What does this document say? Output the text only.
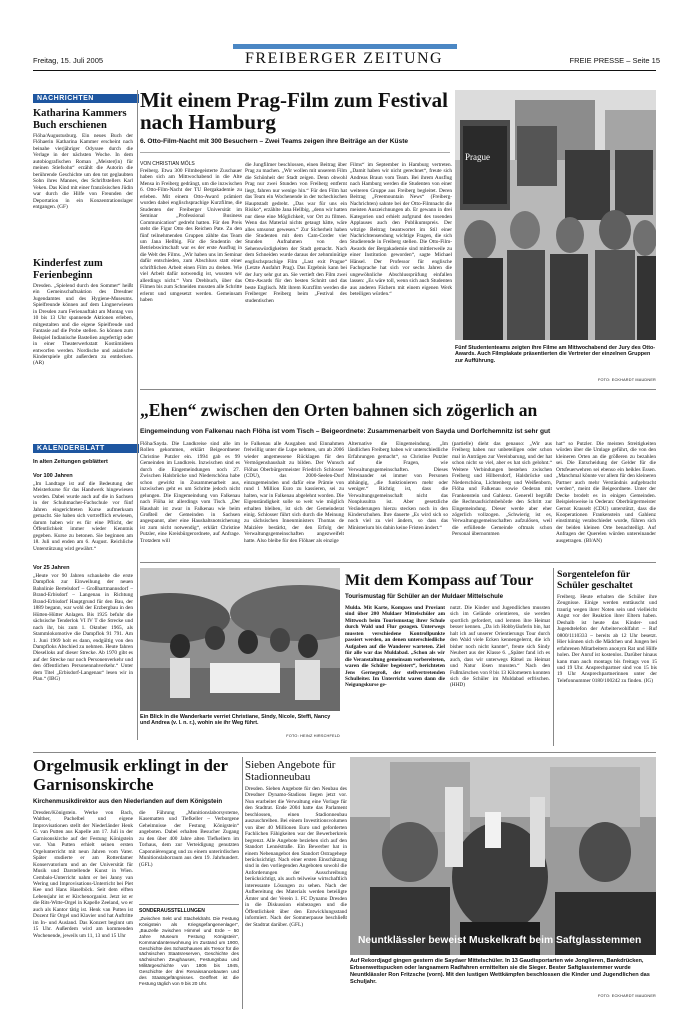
Freitag, 15. Juli 2005	FREIBERGER ZEITUNG	FREIE PRESSE – Seite 15
NACHRICHTEN
Katharina Kammers Buch erschienen
Flöha/Augustusburg. Ein neues Buch der Flöhaerin Katharina Kammer erscheint nach beinahe vierjähriger Odyssee durch die Verlage in der nächsten Woche. In dem autobiografischen Roman „Meister(in) für meinen Stiefsohn“ erzählt die Autorin die berührende Geschichte um den tot geglaubten Sohn ihres Mannes, des Schriftstellers Karl Veken. Das Kind mit einer französischen Jüdin war durch die Hilfe von Freunden der Deportation in ein Konzentrationslager entgangen. (GF)
Kinderfest zum Ferienbeginn
Dresden. „Spielend durch den Sommer“ heißt ein Gemeinschaftsaktion des Dresdner Jugendamtes und des Hygiene-Museums. Spielfreunde können auf dem Lingnerwiesen in Dresden zum Ferienauftakt am Montag von 10 bis 13 Uhr spannende Aktionen erleben, mitgestalten und die eigene Spielfreude und Fantasie auf die Probe stellen. So können zum Beispiel Indianische Bastelien angefertigt oder in einer Theaterwerkstatt Kostümideen entworfen werden. Nordische und asiatische Kinderspiele gibt außerdem zu entdecken. (AR)
KALENDERBLATT
In alten Zeitungen geblättert
Vor 100 Jahren
„Im Landtage ist auf die Bedeutung der Meisterkurse für das Handwerk hingewiesen worden. Dabei wurde auch auf die in Sachsen in der Schuhmacher-Fachschule vor fünf Jahren eingerichteten Kurse aufmerksam gemacht. Sie haben sich vortrefflich erwiesen, darum haben wir es für eine Pflicht, der Öffentlichkeit immer wieder Kenntnis gegeben. Kurse zu betonen. Sie beginnen am 18. Juli und enden am 6. August. Reichliche Unterstützung wird gewährt.“
Vor 25 Jahren
„Heute vor 90 Jahren schaukelte die erste Dampflok zur Einweihung der neuen Bahnlinie Bertelsdorf – Großhartmannsdorf – Brand-Erbisdorf – Langenau in Richtung Brand-Erbisdorf Hauptgrund für den Bau, der 1889 begann, war wohl der Erzbergbau in den Hütten-Hütter Anlagen. Bis 1925 befuhr die sächsische Tenderlok VI IV T die Strecke und nach ihr, bis zum 1. Oktober 1965, als Stammlokomotive die Dampflok 91 791. Am 1. Juni 1969 holt es dann, endgültig von den Dampfloks Abschied zu nehmen. Heute fahren Dieselloks auf dieser Strecke. Ab 1970 gibt es auf der Strecke nur noch Personenverkehr und den öffentlichen Personennahverkehr.“ Unter dem Titel „Erbisdorf-Langenau“ lesen wir in Plan.“ (IBG)
Mit einem Prag-Film zum Festival nach Hamburg
6. Otto-Film-Nacht mit 300 Besuchern – Zwei Teams zeigen ihre Beiträge an der Küste
VON CHRISTIAN MÖLS
Freiberg. Etwa 300 Filmbegeisterte Zuschauer haben sich am Mittwochabend in die Alte Mensa in Freiberg gedrängt, um die inzwischen 6. Otto-Film-Nacht der TU Bergakademie zu erleben. Mit einem Otto-Award prämiert wurden dabei englischsprachige Kurzfilme, die Studenten der Freiberger Universität im Seminar „Professional Business Communication“ gedreht hatten. Für den Preis steht die Figur Otto des Reichen Pate. Zu den fünf teilnehmenden Gruppen zählte das Team um Jana Hellbig. Für die Studentin der Betriebswirtschaft war es der erste Ausflug in die Welt des Films. „Wir haben uns im Seminar dafür entschieden, zum Abschluss statt einer schriftlichen Arbeit einen Film zu drehen. Wie viel Arbeit dafür notwendig ist, wussten wir allerdings nicht.“ Vom Drehbuch, über das Filmen bis zum Schneiden mussten alle Schritte erlernt und umgesetzt werden. Gemeinsam haben
die Jungfilmer beschlossen, einen Beitrag über Prag zu machen. „Wir wollen mit unserem Film die Schönheit der Stadt zeigen. Denn obwohl Prag nur zwei Stunden von Freiberg entfernt liegt, fahren nur wenige hin.“ Für den Film hat das Team ein Wochenende in der tschechischen Hauptstadt gedreht. „Das war für uns ein Risiko“, erzählte Jana Hellbig, „denn wir hatten nur diese eine Möglichkeit, vor Ort zu filmen. Wenn das Material nichts getaugt hätte, wäre alles umsonst gewesen.“ Zur Sicherheit haben die Studenten mit dem Cam-Corder vier Stunden Aufnahmen von den Sehenswürdigkeiten der Stadt gemacht. Nach dem Schneiden wurde daraus der zehnminütige englischsprachige Film „Last exit Prague“ (Letzte Ausfahrt Prag). Das Ergebnis kann bei der Jury sehr gut an. Sie vertieft den Film zwei Otto-Awards für den besten Schnitt und das beste Englisch. Mit ihrem Kurzfilm werden die Freiberger Freiberg beim „Festival des studentischen
Films“ im September in Hamburg vertreten. „Damit haben wir nicht gerechnet“, freute sich Andreas Braun vom Team. Bei ihrem Ausflug nach Hamburg werden die Studenten von einer weiteren Gruppe aus Freiberg begleitet. Deren Beitrag „Freemountain News“ (Freiberg-Nachrichten) sahnte bei der Otto-Filmnacht die meisten Auszeichnungen ab. Er gewann in drei Kategorien und erhielt aufgrund des tosenden Applauses auch den Publikumspreis. Der witzige Beitrag beantwortet im Stil einer Nachrichtensendung wichtige Fragen, die sich Studierende in Freiberg stellen. Die Otto-Film-Awards der Bergakademie sind mittlerweile zu einer Institution geworden“, sagte Michael Hänsel. Der Professor für englische Fachsprache hat sich vor sechs Jahren die ungewöhnliche Abschlussprüfung einfallen lassen: „Es wäre toll, wenn sich auch Studenten aus anderen Fächern mit einem eigenen Werk beteiligen würden.“
Prague
Fünf Studententeams zeigten ihre Filme am Mittwochabend der Jury des Otto-Awards. Auch Filmplakate präsentierten die Vertreter der einzelnen Gruppen zur Aufführung.
FOTO: ECKHARDT MAUDNER
„Ehen“ zwischen den Orten bahnen sich zögerlich an
Eingemeindung von Falkenau nach Flöha ist vom Tisch – Beigeordnete: Zusammenarbeit von Sayda und Dorfchemnitz ist sehr gut
Flöha/Sayda. Die Landkreise sind alle im Rollen gekommen, erklärt Beigeordneter Christine Putzler ein. 1994 gab es 99 Gemeinden im Landkreis. Inzwischen sind es durch die Eingemeindungen noch 27. Zwischen Halsbrücke und Niederschöna habe schon gewirkt in Zusammenarbeit aus, inzwischen geht es um Schritte jedoch nicht gelungen. Die Eingemeindung von Falkenau nach Flöha ist allerdings vom Tisch. „Der Haushalt ist zwar in Falkenau wie beim Großteil der Gemeinden in Sachsen angespannt, aber eine Haushaltsnotsicherung ist zum nicht notwendig“, erklärt Christine Putzler, eine Kreisbürgerordnete, auf Anfrage. Trotzdem will
le Falkenau alle Ausgaben und Einnahmen freiwillig unter die Lupe nehmen, um ab 2006 wieder angemessene Rücklagen für den Vermögenshaushalt zu bilden. Der Wunsch Flöhas Oberbürgermeister Friedrich Schlosser (CDU), das 2000-Seelen-Dorf einzugemeinden und dafür eine Prämie von rund 1 Million Euro zu kassieren, sei zu halten, war in Falkenau abgelehnt worden. Die Eigenständigkeit solle so weit wie möglich erhalten bleiben, ist sich der Gemeinderat einig. Schlosser führt sich durch die Meinung zu sächsischen Innenministers Thomas de Maizière bestärkt, der den Erfolg der Verwaltungsgemeinschaften angezweifelt hatte. Also bleibe für den Flöhaer als einzige
Alternative die Eingemeindung. „Im ländlichen Freiberg haben wir unterschiedliche Erfahrungen gemacht“, so Christine Putzler auf die Fragen, wie Verwaltungsgemeinschaften. Dieses Miteinander sei immer von Personen abhängig, „die funktionieren mehr oder weniger.“ Richtig ist, dass die Verwaltungsgemeinschaft nicht das Nonplusultra ist. Aber gesetzliche Veränderungen hierzu stecken noch in den Kinderschuhen. Ihre dauerte „Es wird sich so noch viel zu viel ändern, so dass das Ministerium bis dahin keine Fristen ändert.“
(partielle) dieht das genauso: „Wir aus Freiberg haben nur unbeteiligen oder schon mal in Anträgen zur Vereinbarung, und der hat schon nicht so viel, aber es hat sich gelohnt.“ Weitere Verbindungen bestehen zwischen Freiberg und Hilbersdorf, Halsbrücke und Niederschöna, Lichtenberg und Weißenborn, Flöha und Falkenau sowie Oederan mit Frankenstein und Gahlenz. Generell begrüßt die Rechtsaufsichtsbehörde den Schritt zur Eingemeindung. Dieser werde aber eher zögerlich vollzogen. „Schwierig ist es, Verwaltungsgemeinschaften aufzulösen, weil die erfüllende Gemeinde oftmals schon Personal übernommen
hat“ so Putzler. Die meisten Streitigkeiten würden über die Umlage geführt, die von den kleineren Orten an die größeren zu bezahlen sei. Die Entscheidung der Gelder für die Ortsfeuerwehren sei ebenso ein heikles Essen. „Manchmal könnte vor allem für den kleineren Partner auch mehr Verständnis aufgebracht werden“, meint die Beigeordnete. Unter der Decke brodelt es in einigen Gemeinden. Beispielsweise in Oederan: Oberbürgermeister Gernot Krasselt (CDU) unterstützt, dass die Kooperationen Frankenstein und Gahlenz einstimmig verabschiedet wurde, führen sich der beiden kleinen Orte benachteiligt. Auf Anfragen der Querelen würden untereinander ausgetragen. (BI/AN)
Ein Blick in die Wanderkarte verriet Christiane, Sindy, Nicole, Steffi, Nancy und Andrea (v. l. n. r.), wohin sie ihr Weg führt.
FOTO: HEINZ HIRSCHFELD
Mit dem Kompass auf Tour
Tourismustag für Schüler an der Muldaer Mittelschule
Mulda. Mit Karte, Kompass und Proviant sind über 200 Muldaer Mittelschüler am Mittwoch beim Tourismustag ihrer Schule durch Wald und Flur gezogen. Unterwegs mussten verschiedene Kontrollpunkte passiert werden, an denen unterschiedliche Aufgaben auf die Wanderer warteten. Ziel für alle war das Muldabad. „Schon als wir die Veranstaltung gemeinsam vorbereiteten, waren die Schüler begeistert“, berichteten Jens Gernegroß, der stellvertretenden Schulleiter. Im Unterricht waren dann die Neigungskurse ge-
nutzt. Die Kinder und Jugendlichen mussten sich im Gelände orientieren, sie werden sportlich gefordert, und lernten ihre Heimat besser kennen. „Da ich Hobbyläuferin bin, hat halt ich auf unserer Orientierungs Tour durch den Wald viele Ecken kennengelernt, die ich bisher noch nicht kannte“, freute sich Sindy Neubert aus der Klasse 6. „Später fand ich es auch, dass wir unterwegs Rätsel zu Heimat und Natur lösen mussten.“ Nach den Fußmärschen von 8 bis 13 Kilometern konnten sich die Schüler im Muldabad erfrischen. (HHD)
Sorgentelefon für Schüler geschaltet
Freiberg. Heute erhalten die Schüler ihre Zeugnisse. Einige werden enttäuscht und traurig wegen ihrer Noten sein und vielleicht Angst vor der Reaktion ihrer Eltern haben. Deshalb ist heute das Kinder- und Jugendtelefon der Arbeiterwohlfahrt – Ruf 0800/1110333 – bereits ab 12 Uhr besetzt. Hier können sich die Mädchen und Jungen bei erfahrenen Mitarbeitern anonym Rat und Hilfe holen. Der Anruf ist kostenlos. Darüber hinaus kann man auch montags bis freitags von 15 und 19 Uhr. Ansprechpartner sind von 15 bis 19 Uhr Ansprechpartnerinnen unter der Telefonnummer 0180/100242 zu finden. (IG)
Orgelmusik erklingt in der Garnisonskirche
Kirchenmusikdirektor aus den Niederlanden auf dem Königstein
Dresden/Königstein. Werke von Bach, Walther, Pachelbel und eigene Improvisationen stellt der Niederländer Henk G. van Putten aus Kapelle am 17. Juli in der Garnisonskirche auf der Festung Königstein vor. Van Putten erhielt seinen ersten Orgelunterricht mit neun Jahren vom Vater. Später studierte er am Rotterdamer Konservatorium und an der Universität für Musik und Darstellende Kunst in Wien. Cembalo-Unterricht nahm er bei Janny van Wering und Improvisations-Unterricht bei Piet Kee und Hans Haselböck. Seit dem elften Lebensjahr ist er Kirchenorganist. Jetzt ist er die Rits-Witte-Orgel in Kapelle Zeeland, wo er auch als Kantor tätig ist. Henk van Putten ist Dozent für Orgel und Klavier und hat Auftritte im In- und Ausland. Das Konzert beginnt um 15 Uhr. Außerdem wird am kommenden Wochenende, jeweils um 11, 13 und 15 Uhr
die Führung „Munitionslaborsysteme, Kasematten und Tiefkeller – Verborgene Geheimnisse der Festung Königstein“ angeboten. Dabei erhalten Besucher Zugang zu den über 400 Jahre alten Tiefkellern im Torhaus, dem zur Verteidigung genutzten Caponnièrengang und zu einem unterirdischen Munitionslaborraum aus dem 19. Jahrhundert. (GFL)
SONDERAUSSTELLUNGEN
„Zwischen Sekt und Stacheldraht. Die Festung Königstein als Kriegsgefangenenlager“, „Bauzelle zwischen Himmel und Erde – 50 Jahre Museum Festung Königstein“, Kommandantenwohnung im Zustand um 1900, Geschichte des Schatzhauses als Tresor für die sächsischen Staatsreserven, Geschichte des sächsischen Zeughauses, Festungsbau und Militärgeschichte von 1806 bis 1945, Geschichte der drei Renaissancebauten und des Staatsgefängnisses. Geöffnet ist die Festung täglich von 9 bis 20 Uhr.
Sieben Angebote für Stadionneubau
Dresden. Sieben Angebote für den Neubau des Dresdner Dynamo-Stadions liegen jetzt vor. Nun erarbeitet die Verwaltung eine Vorlage für den Stadtrat. Ende 2004 hatte das Parlament beschlossen, einen Stadionneubau auszuschreiben. Bei einem Investitionsvolumen von über 40 Millionen Euro und geforderten Fachlichen Fähigkeiten war der Bewerberkreis begrenzt. Alle Angebote beziehen sich auf den Standort Lennéstraße. Ein Bewerber hat in einem Nebenangebot den Standort Ostragehege berücksichtigt. Nach einer ersten Einschätzung sind in den vorliegenden Angeboten sowohl die Anforderungen der Ausschreibung berücksichtigt, als auch teilweise wirtschaftlich interessante Lösungen zu sehen. Nach der Aufbereitung des Materials werden beteiligte Ämter und der Verein 1. FC Dynamo Dresden in die Diskussion einbezogen und die Öffentlichkeit über den Entwicklungsstand informiert. Nach der Sommerpause beschließt der Stadtrat darüber. (GFL)
Neuntklässler beweist Muskelkraft beim Saftglasstemmen
Auf Rekordjagd gingen gestern die Saydaer Mittelschüler. In 13 Gaudisportarten wie Jonglieren, Bankdrücken, Erbsenwettspucken oder langsamem Radfahren ermittelten sie die Sieger. Bester Saftglasstemmer wurde Neuntklässler Ron Fritzsche (vorn). Mit den lustigen Wettkämpfen beschlossen die Kinder und Jugendlichen das Schuljahr.
FOTO: ECKHARDT MAUDNER
